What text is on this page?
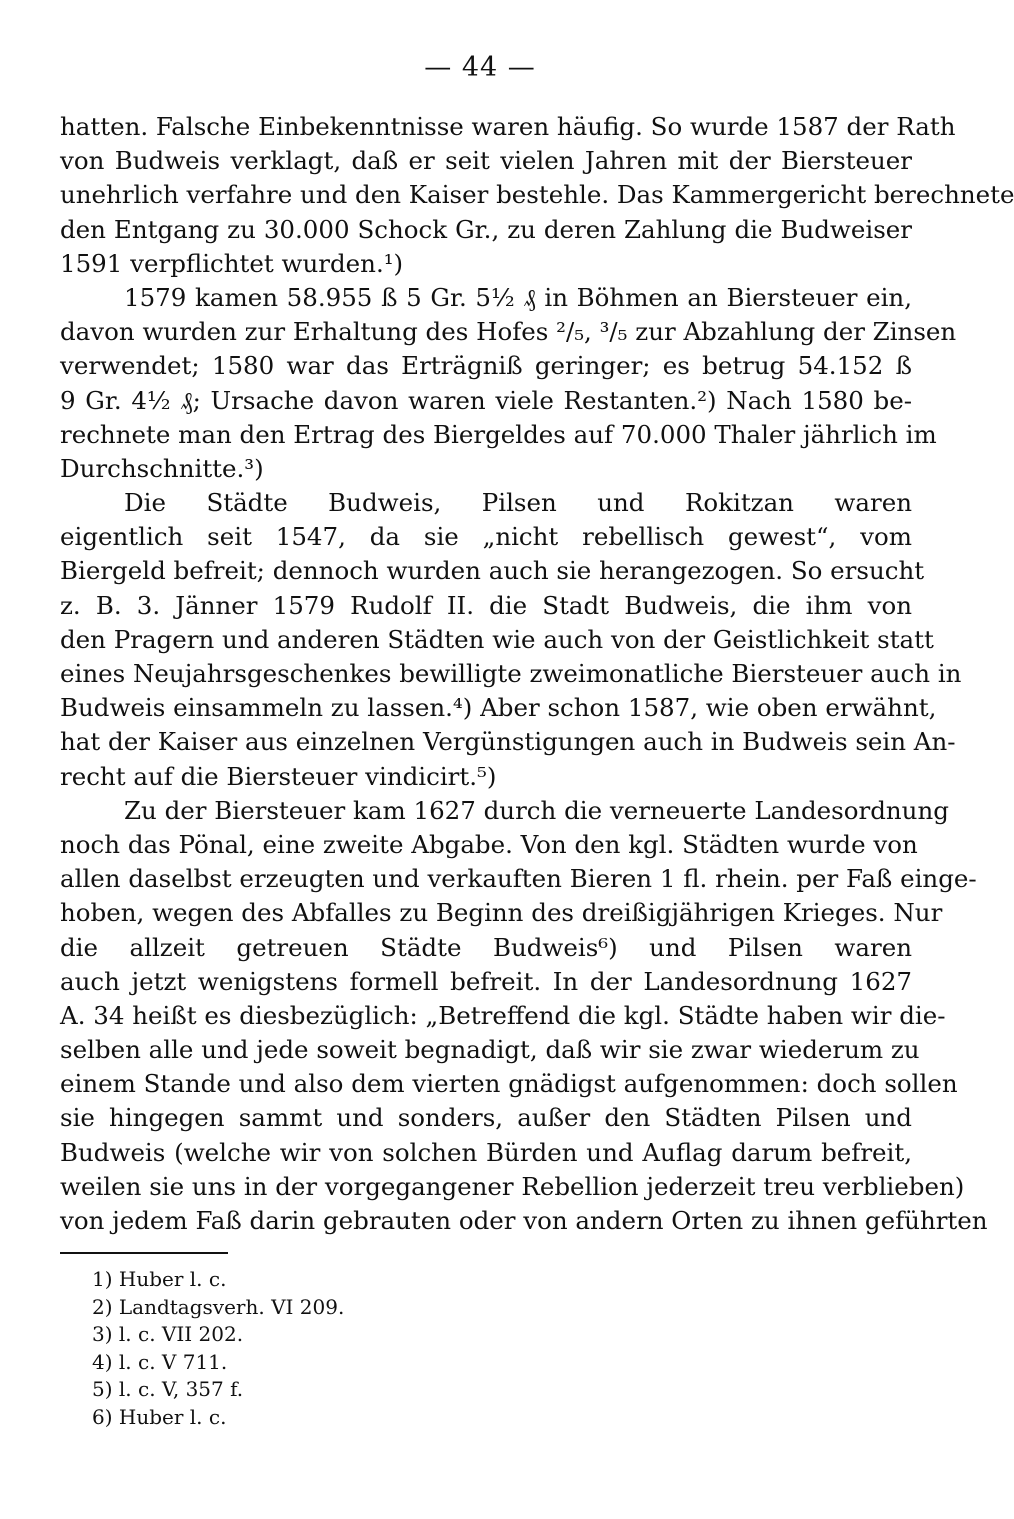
— 44 —
hatten. Falsche Einbekenntnisse waren häufig. So wurde 1587 der Rath
von Budweis verklagt, daß er seit vielen Jahren mit der Biersteuer
unehrlich verfahre und den Kaiser bestehle. Das Kammergericht berechnete
den Entgang zu 30.000 Schock Gr., zu deren Zahlung die Budweiser
1591 verpflichtet wurden.¹)
1579 kamen 58.955 ß 5 Gr. 5½ ₰ in Böhmen an Biersteuer ein,
davon wurden zur Erhaltung des Hofes ²/₅, ³/₅ zur Abzahlung der Zinsen
verwendet; 1580 war das Erträgniß geringer; es betrug 54.152 ß
9 Gr. 4½ ₰; Ursache davon waren viele Restanten.²) Nach 1580 be-
rechnete man den Ertrag des Biergeldes auf 70.000 Thaler jährlich im
Durchschnitte.³)
Die Städte Budweis, Pilsen und Rokitzan waren
eigentlich seit 1547, da sie „nicht rebellisch gewest“, vom
Biergeld befreit; dennoch wurden auch sie herangezogen. So ersucht
z. B. 3. Jänner 1579 Rudolf II. die Stadt Budweis, die ihm von
den Pragern und anderen Städten wie auch von der Geistlichkeit statt
eines Neujahrsgeschenkes bewilligte zweimonatliche Biersteuer auch in
Budweis einsammeln zu lassen.⁴) Aber schon 1587, wie oben erwähnt,
hat der Kaiser aus einzelnen Vergünstigungen auch in Budweis sein An-
recht auf die Biersteuer vindicirt.⁵)
Zu der Biersteuer kam 1627 durch die verneuerte Landesordnung
noch das Pönal, eine zweite Abgabe. Von den kgl. Städten wurde von
allen daselbst erzeugten und verkauften Bieren 1 fl. rhein. per Faß einge-
hoben, wegen des Abfalles zu Beginn des dreißigjährigen Krieges. Nur
die allzeit getreuen Städte Budweis⁶) und Pilsen waren
auch jetzt wenigstens formell befreit. In der Landesordnung 1627
A. 34 heißt es diesbezüglich: „Betreffend die kgl. Städte haben wir die-
selben alle und jede soweit begnadigt, daß wir sie zwar wiederum zu
einem Stande und also dem vierten gnädigst aufgenommen: doch sollen
sie hingegen sammt und sonders, außer den Städten Pilsen und
Budweis (welche wir von solchen Bürden und Auflag darum befreit,
weilen sie uns in der vorgegangener Rebellion jederzeit treu verblieben)
von jedem Faß darin gebrauten oder von andern Orten zu ihnen geführten
1) Huber l. c.
2) Landtagsverh. VI 209.
3) l. c. VII 202.
4) l. c. V 711.
5) l. c. V, 357 f.
6) Huber l. c.
